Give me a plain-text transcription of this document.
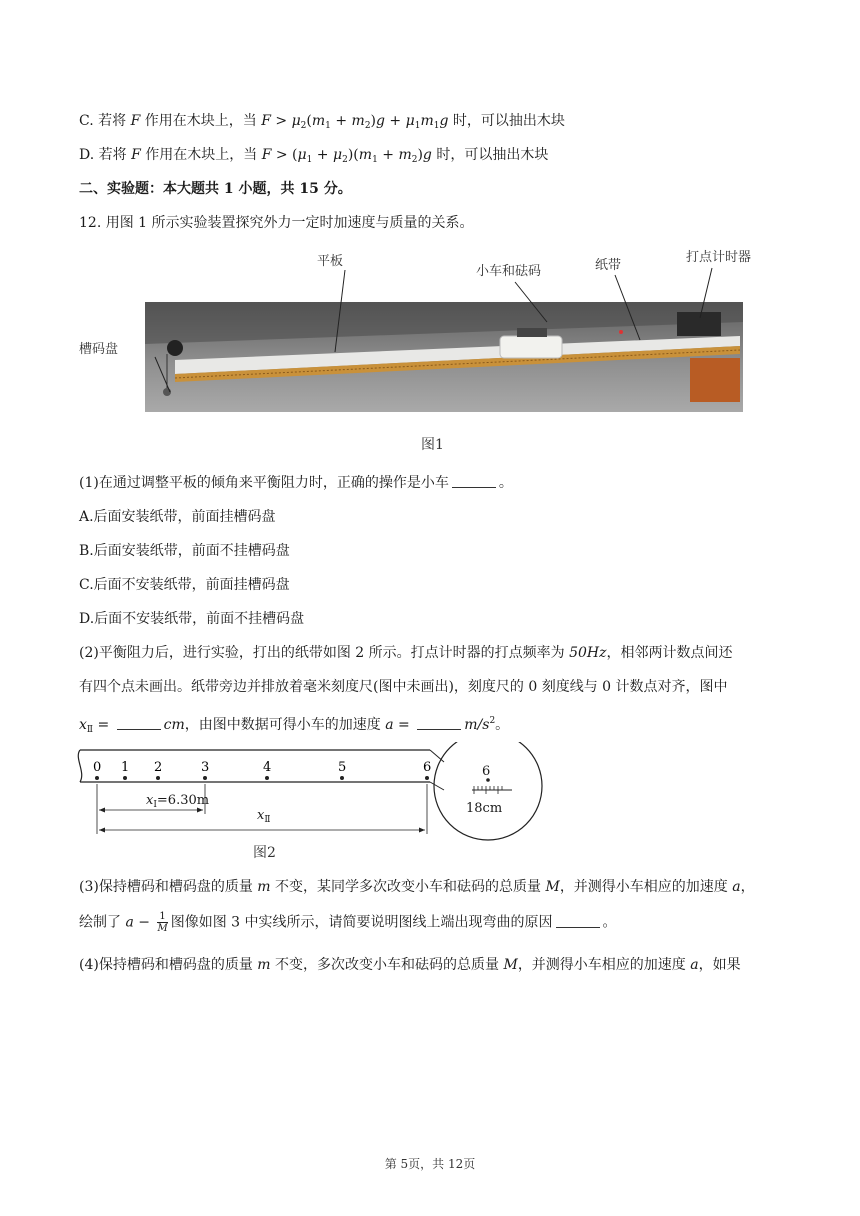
C. 若将 F 作用在木块上，当 $F > \mu_2(m_1 + m_2)g + \mu_1m_1g$ 时，可以抽出木块
D. 若将 F 作用在木块上，当 $F > (\mu_1 + \mu_2)(m_1 + m_2)g$ 时，可以抽出木块
二、实验题：本大题共 1 小题，共 15 分。
12. 用图 1 所示实验装置探究外力一定时加速度与质量的关系。
平板
小车和砝码	纸带
打点计时器
槽码盘
图1
(1)在通过调整平板的倾角来平衡阻力时，正确的操作是小车	。
A.后面安装纸带，前面挂槽码盘
B.后面安装纸带，前面不挂槽码盘
C.后面不安装纸带，前面挂槽码盘
D.后面不安装纸带，前面不挂槽码盘
(2)平衡阻力后，进行实验，打出的纸带如图 2 所示。打点计时器的打点频率为 50Hz，相邻两计数点间还
有四个点未画出。纸带旁边并排放着毫米刻度尺(图中未画出)，刻度尺的 0 刻度线与 0 计数点对齐，图中
$x_Ⅱ$ =	cm，由图中数据可得小车的加速度 a =	$m/s^2$。
0 1 2	3	4	5	6
$x_Ⅰ=6.30m$
$x_Ⅱ$
6
18cm
图2
(3)保持槽码和槽码盘的质量 m 不变，某同学多次改变小车和砝码的总质量 M，并测得小车相应的加速度 a，
绘制了 $a - \frac{1}{M}$ 图像如图 3 中实线所示，请简要说明图线上端出现弯曲的原因	。
(4)保持槽码和槽码盘的质量 m 不变，多次改变小车和砝码的总质量 M，并测得小车相应的加速度 a，如果
第 5页，共 12页
